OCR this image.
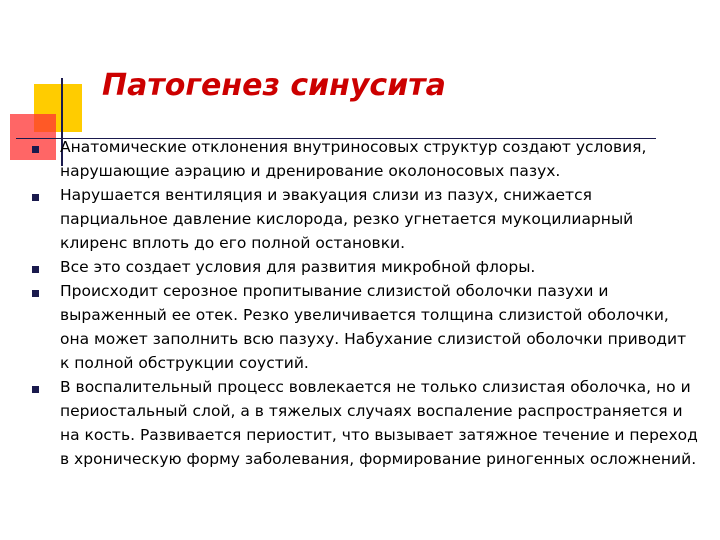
Патогенез синусита
Анатомические отклонения внутриносовых структур создают условия, нарушающие аэрацию и дренирование околоносовых пазух.
Нарушается вентиляция и эвакуация слизи из пазух, снижается парциальное давление кислорода, резко угнетается мукоцилиарный клиренс вплоть до его полной остановки.
Все это создает условия для развития микробной флоры.
Происходит серозное пропитывание слизистой оболочки пазухи и выраженный ее отек. Резко увеличивается толщина слизистой оболочки, она может заполнить всю пазуху. Набухание слизистой оболочки приводит к полной обструкции соустий.
В воспалительный процесс вовлекается не только слизистая оболочка, но и периостальный слой, а в тяжелых случаях воспаление распространяется и на кость. Развивается периостит, что вызывает затяжное течение и переход в хроническую форму заболевания, формирование риногенных осложнений.
